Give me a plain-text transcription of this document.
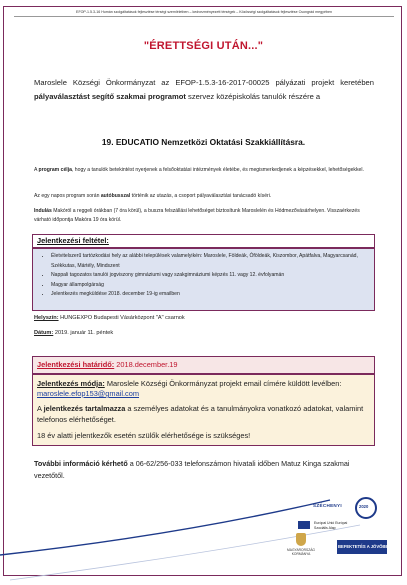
EFOP-1.5.3-16 Humán szolgáltatások fejlesztése térségi szemléletben – kedvezményezett térségek – Közösségi szolgáltatások fejlesztése Csongrád megyében
"ÉRETTSÉGI UTÁN..."
Maroslele Községi Önkormányzat az EFOP-1.5.3-16-2017-00025 pályázati projekt keretében pályaválasztást segítő szakmai programot szervez középiskolás tanulók részére a
19. EDUCATIO Nemzetközi Oktatási Szakkiállításra.
A program célja, hogy a tanulók betekintést nyerjenek a felsőoktatási intézmények életébe, és megismerkedjenek a képzésekkel, lehetőségekkel.
Az egy napos program során autóbusszal történik az utazás, a csoport pályaválasztási tanácsadó kíséri.
Indulás Makóról a reggeli órákban (7 óra körül), a buszra felszállási lehetőséget biztosítunk Maroslelén és Hódmezővásárhelyen. Visszaérkezés várható időpontja Makóra 19 óra körül.
Jelentkezési feltétel:
• Életvitelszerű tartózkodási hely az alábbi települések valamelyikén: Maroslele, Földeák, Óföldeák, Kiszombor, Apátfalva, Magyarcsanád, Székkutas, Mártély, Mindszent
• Nappali tagozatos tanulói jogviszony gimnáziumi vagy szakgimnáziumi képzés 11. vagy 12. évfolyamán
• Magyar állampolgárság
• Jelentkezés megküldése 2018. december 19-ig emailben
Helyszín: HUNGEXPO Budapesti Vásárközpont "A" csarnok
Dátum: 2019. január 11. péntek
Jelentkezési határidő: 2018.december.19
Jelentkezés módja: Maroslele Községi Önkormányzat projekt email címére küldött levélben:
maroslele.efop153@gmail.com
A jelentkezés tartalmazza a személyes adatokat és a tanulmányokra vonatkozó adatokat, valamint telefonos elérhetőséget.
18 év alatti jelentkezők esetén szülők elérhetősége is szükséges!
További információ kérhető a 06-62/256-033 telefonszámon hivatali időben Matuz Kinga szakmai vezetőtől.
SZÉCHENYI	2020
Európai Unió Európai Szociális Alap
MAGYARORSZÁG KORMÁNYA
BEFEKTETÉS A JÖVŐBE
